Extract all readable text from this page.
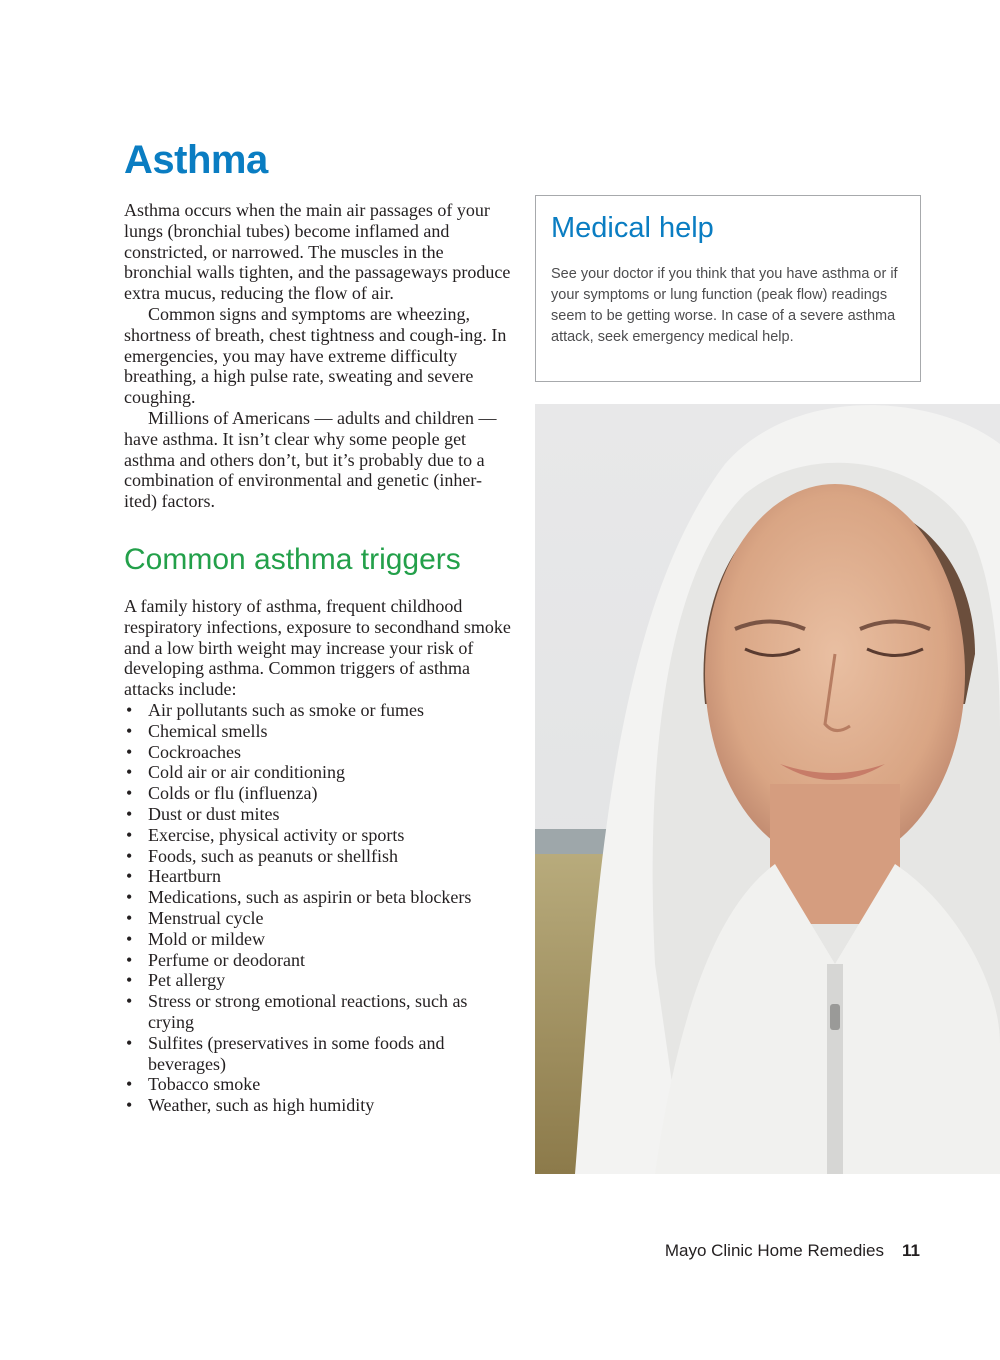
Asthma

Asthma occurs when the main air passages of your lungs (bronchial tubes) become inflamed and constricted, or narrowed. The muscles in the bronchial walls tighten, and the passageways produce extra mucus, reducing the flow of air.

Common signs and symptoms are wheezing, shortness of breath, chest tightness and cough-ing. In emergencies, you may have extreme difficulty breathing, a high pulse rate, sweating and severe coughing.

Millions of Americans — adults and children — have asthma. It isn’t clear why some people get asthma and others don’t, but it’s probably due to a combination of environmental and genetic (inher-ited) factors.

Common asthma triggers

A family history of asthma, frequent childhood respiratory infections, exposure to secondhand smoke and a low birth weight may increase your risk of developing asthma. Common triggers of asthma attacks include:

• Air pollutants such as smoke or fumes
• Chemical smells
• Cockroaches
• Cold air or air conditioning
• Colds or flu (influenza)
• Dust or dust mites
• Exercise, physical activity or sports
• Foods, such as peanuts or shellfish
• Heartburn
• Medications, such as aspirin or beta blockers
• Menstrual cycle
• Mold or mildew
• Perfume or deodorant
• Pet allergy
• Stress or strong emotional reactions, such as crying
• Sulfites (preservatives in some foods and beverages)
• Tobacco smoke
• Weather, such as high humidity
Medical help

See your doctor if you think that you have asthma or if your symptoms or lung function (peak flow) readings seem to be getting worse. In case of a severe asthma attack, seek emergency medical help.

Mayo Clinic Home Remedies 11
